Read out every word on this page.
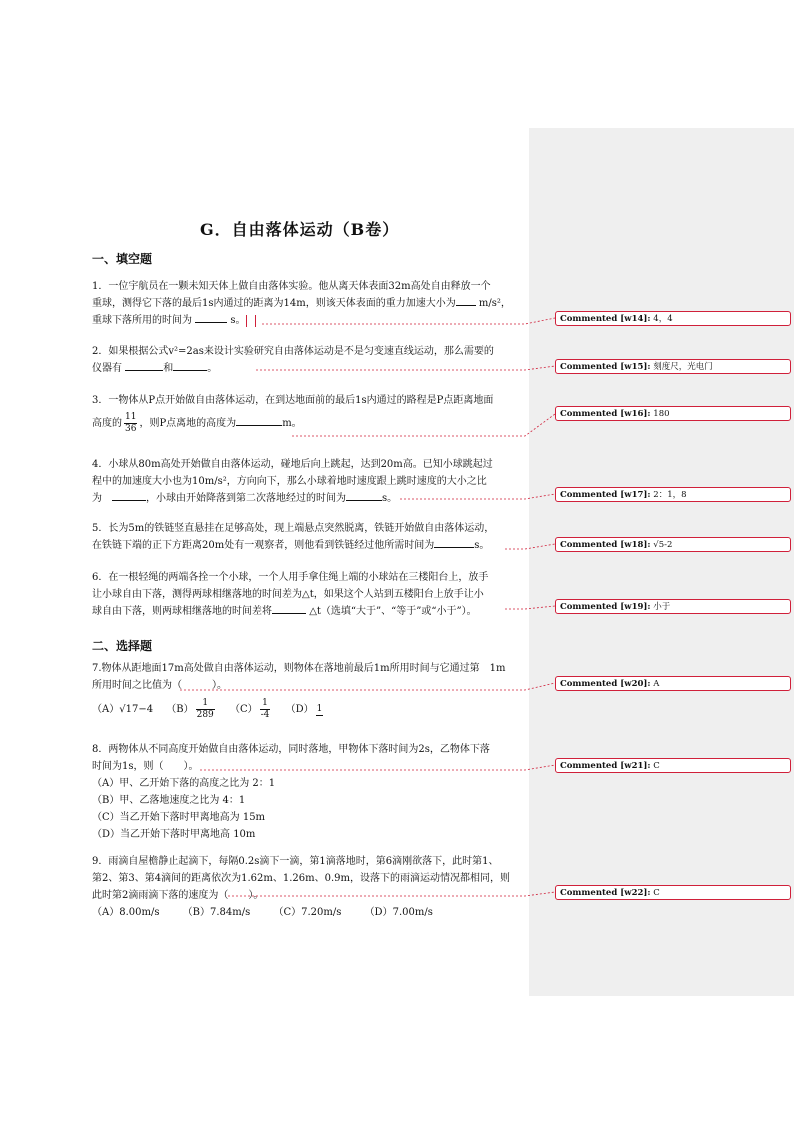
G．自由落体运动（B卷）
一、填空题

1．一位宇航员在一颗未知天体上做自由落体实验。他从离天体表面32m高处自由释放一个

重球，测得它下落的最后1s内通过的距离为14m，则该天体表面的重力加速大小为 m/s²，

重球下落所用的时间为	s。

2．如果根据公式v²=2as来设计实验研究自由落体运动是不是匀变速直线运动，那么需要的

仪器有	和	。

3．一物体从P点开始做自由落体运动，在到达地面前的最后1s内通过的路程是P点距离地面

高度的 $\frac{11}{36}$ ，则P点离地的高度为	m。

4．小球从80m高处开始做自由落体运动，碰地后向上跳起，达到20m高。已知小球跳起过

程中的加速度大小也为10m/s²，方向向下，那么小球着地时速度跟上跳时速度的大小之比

为　	，小球由开始降落到第二次落地经过的时间为	s。

5．长为5m的铁链竖直悬挂在足够高处，现上端悬点突然脱离，铁链开始做自由落体运动，

在铁链下端的正下方距离20m处有一观察者，则他看到铁链经过他所需时间为	s。

6．在一根轻绳的两端各拴一个小球，一个人用手拿住绳上端的小球站在三楼阳台上，放手

让小球自由下落，测得两球相继落地的时间差为△t，如果这个人站到五楼阳台上放手让小

球自由下落，则两球相继落地的时间差将	△t（选填“大于”、“等于”或“小于”）。

二、选择题

7.物体从距地面17m高处做自由落体运动，则物体在落地前最后1m所用时间与它通过第　1m

所用时间之比值为（　　　）。

（A）√17−4　 $(B) \frac{1}{289}$
　 $(C) \frac{1}{-4}$
　 （D） 1

8．两物体从不同高度开始做自由落体运动，同时落地，甲物体下落时间为2s，乙物体下落

时间为1s，则（　　）。

（A）甲、乙开始下落的高度之比为 2：1

（B）甲、乙落地速度之比为 4：1

（C）当乙开始下落时甲离地高为 15m

（D）当乙开始下落时甲离地高 10m

9．雨滴自屋檐静止起滴下，每隔0.2s滴下一滴，第1滴落地时，第6滴刚欲落下，此时第1、

第2、第3、第4滴间的距离依次为1.62m、1.26m、0.9m，设落下的雨滴运动情况都相同，则

此时第2滴雨滴下落的速度为（　　）。

（A）8.00m/s　　 （B）7.84m/s　　 （C）7.20m/s　　 （D）7.00m/s

Commented [w14]: 4，4
Commented [w15]: 刻度尺，光电门
Commented [w16]: 180
Commented [w17]: 2：1，8
Commented [w18]: √5-2
Commented [w19]: 小于
Commented [w20]: A
Commented [w21]: C
Commented [w22]: C
